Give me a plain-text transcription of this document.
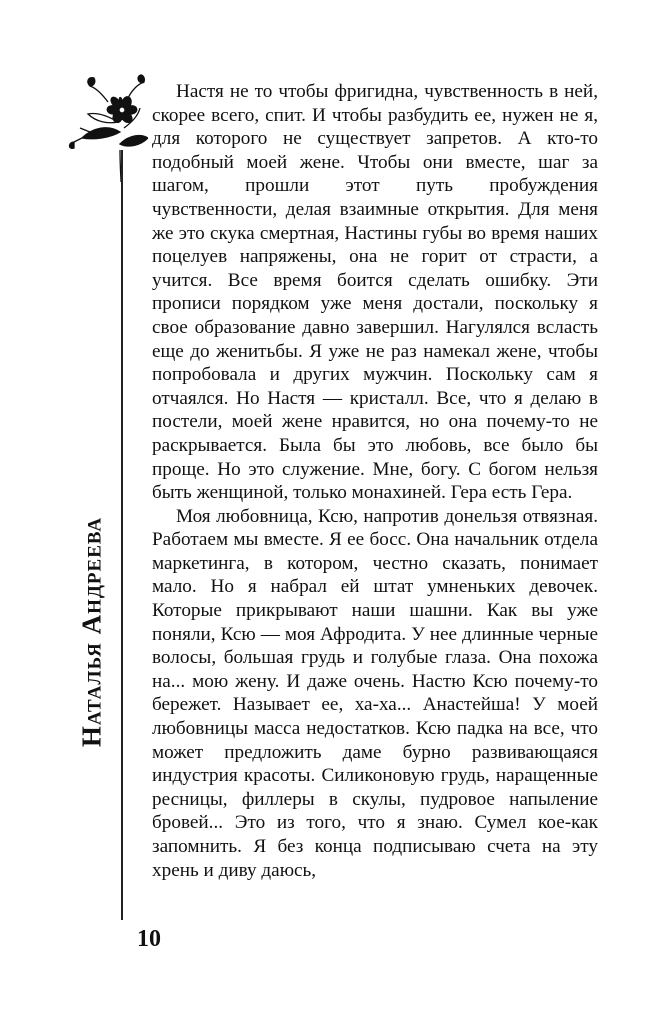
Наталья Андреева

Настя не то чтобы фригидна, чувственность в ней, скорее всего, спит. И чтобы разбудить ее, нужен не я, для которого не существует запретов. А кто-то подобный моей жене. Чтобы они вместе, шаг за шагом, прошли этот путь пробуждения чувственности, делая взаимные открытия. Для меня же это скука смертная, Настины губы во время наших поцелуев напряжены, она не горит от страсти, а учится. Все время боится сделать ошибку. Эти прописи порядком уже меня достали, поскольку я свое образование давно завершил. Нагулялся всласть еще до женитьбы. Я уже не раз намекал жене, чтобы попробовала и других мужчин. Поскольку сам я отчаялся. Но Настя — кристалл. Все, что я делаю в постели, моей жене нравится, но она почему-то не раскрывается. Была бы это любовь, все было бы проще. Но это служение. Мне, богу. С богом нельзя быть женщиной, только монахиней. Гера есть Гера.

Моя любовница, Ксю, напротив донельзя отвязная. Работаем мы вместе. Я ее босс. Она начальник отдела маркетинга, в котором, честно сказать, понимает мало. Но я набрал ей штат умненьких девочек. Которые прикрывают наши шашни. Как вы уже поняли, Ксю — моя Афродита. У нее длинные черные волосы, большая грудь и голубые глаза. Она похожа на... мою жену. И даже очень. Настю Ксю почему-то бережет. Называет ее, ха-ха... Анастейша! У моей любовницы масса недостатков. Ксю падка на все, что может предложить даме бурно развивающаяся индустрия красоты. Силиконовую грудь, наращенные ресницы, филлеры в скулы, пудровое напыление бровей... Это из того, что я знаю. Сумел кое-как запомнить. Я без конца подписываю счета на эту хрень и диву даюсь,

10
